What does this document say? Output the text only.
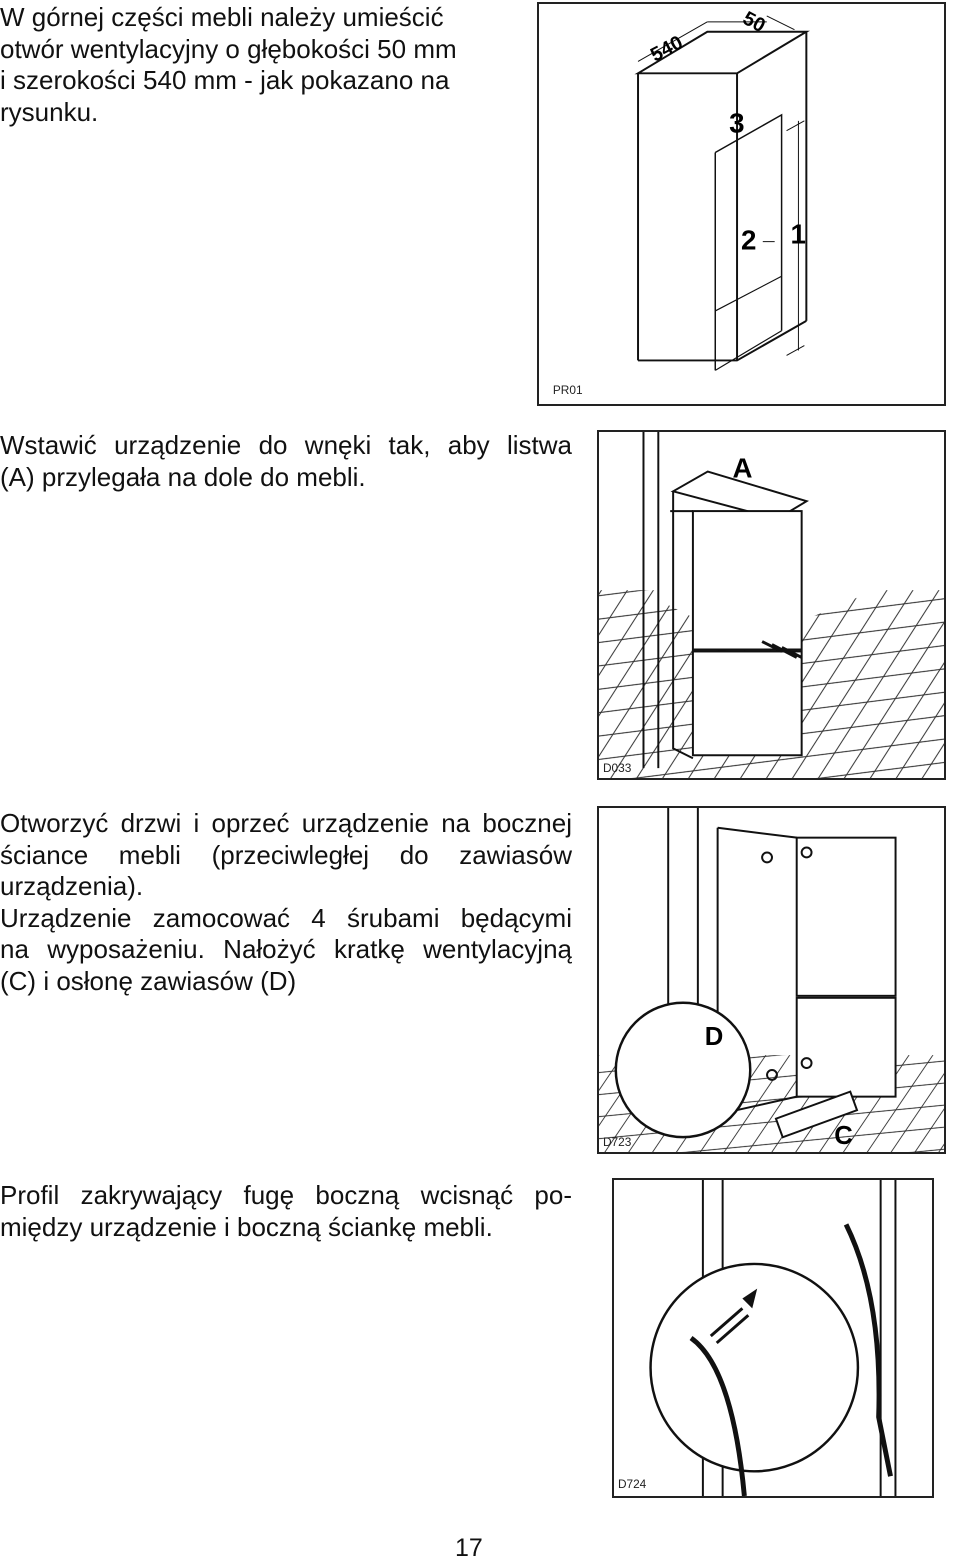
W górnej części mebli należy umieścić
otwór wentylacyjny o głębokości 50 mm
i szerokości 540 mm - jak pokazano na
rysunku.

540
50
3
2 1
PR01

Wstawić urządzenie do wnęki tak, aby listwa
(A) przylegała na dole do mebli.	A
D033

Otworzyć drzwi i oprzeć urządzenie na bocznej
ściance mebli (przeciwległej do zawiasów
urządzenia).
Urządzenie zamocować 4 śrubami będącymi
na wyposażeniu. Nałożyć kratkę wentylacyjną
(C) i osłonę zawiasów (D)

D
C
D723

Profil zakrywający fugę boczną wcisnąć po-
między urządzenie i boczną ściankę mebli.

D724
17
